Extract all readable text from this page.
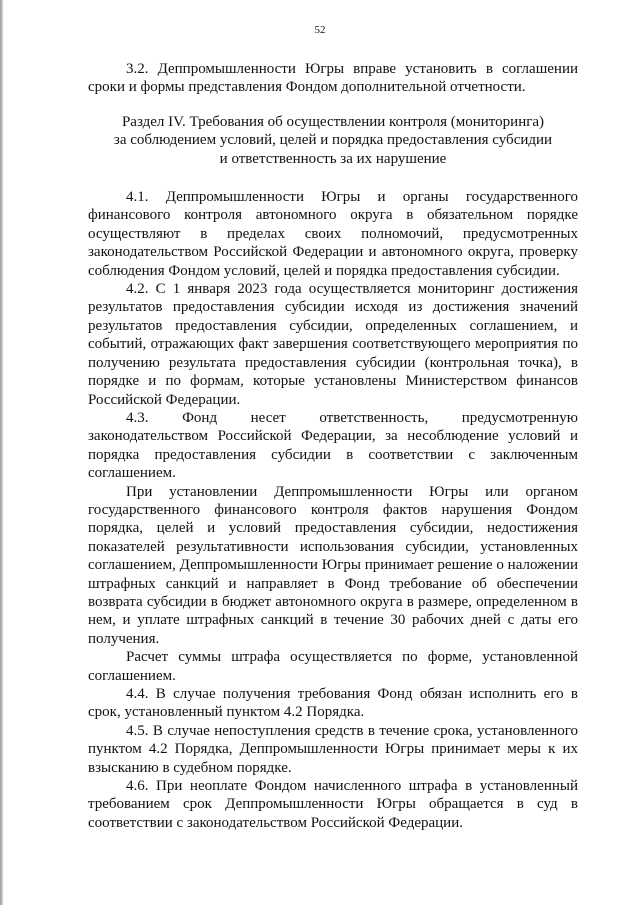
52

3.2. Деппромышленности Югры вправе установить в соглашении сроки и формы представления Фондом дополнительной отчетности.

Раздел IV. Требования об осуществлении контроля (мониторинга)
за соблюдением условий, целей и порядка предоставления субсидии
и ответственность за их нарушение

4.1. Деппромышленности Югры и органы государственного финансового контроля автономного округа в обязательном порядке осуществляют в пределах своих полномочий, предусмотренных законодательством Российской Федерации и автономного округа, проверку соблюдения Фондом условий, целей и порядка предоставления субсидии.

4.2. С 1 января 2023 года осуществляется мониторинг достижения результатов предоставления субсидии исходя из достижения значений результатов предоставления субсидии, определенных соглашением, и событий, отражающих факт завершения соответствующего мероприятия по получению результата предоставления субсидии (контрольная точка), в порядке и по формам, которые установлены Министерством финансов Российской Федерации.

4.3. Фонд несет ответственность, предусмотренную законодательством Российской Федерации, за несоблюдение условий и порядка предоставления субсидии в соответствии с заключенным соглашением.

При установлении Деппромышленности Югры или органом государственного финансового контроля фактов нарушения Фондом порядка, целей и условий предоставления субсидии, недостижения показателей результативности использования субсидии, установленных соглашением, Деппромышленности Югры принимает решение о наложении штрафных санкций и направляет в Фонд требование об обеспечении возврата субсидии в бюджет автономного округа в размере, определенном в нем, и уплате штрафных санкций в течение 30 рабочих дней с даты его получения.

Расчет суммы штрафа осуществляется по форме, установленной соглашением.

4.4. В случае получения требования Фонд обязан исполнить его в срок, установленный пунктом 4.2 Порядка.

4.5. В случае непоступления средств в течение срока, установленного пунктом 4.2 Порядка, Деппромышленности Югры принимает меры к их взысканию в судебном порядке.

4.6. При неоплате Фондом начисленного штрафа в установленный требованием срок Деппромышленности Югры обращается в суд в соответствии с законодательством Российской Федерации.
